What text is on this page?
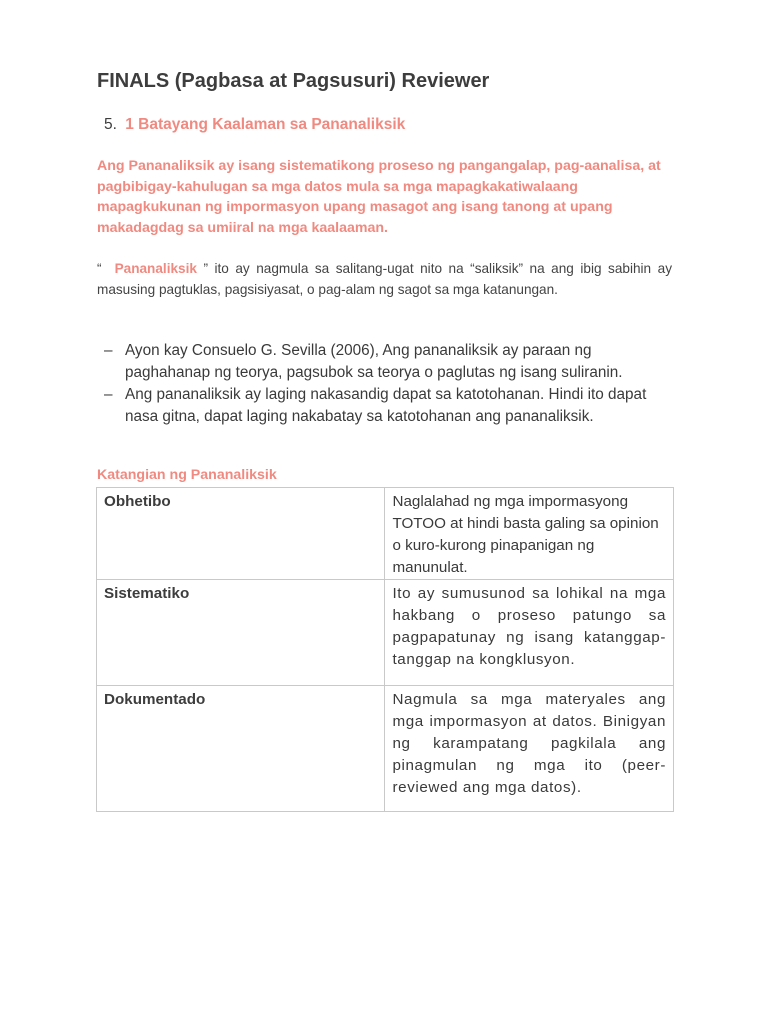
FINALS (Pagbasa at Pagsusuri) Reviewer
5. 1 Batayang Kaalaman sa Pananaliksik

Ang Pananaliksik ay isang sistematikong proseso ng pangangalap, pag-aanalisa, at pagbibigay-kahulugan sa mga datos mula sa mga mapagkakatiwalaang mapagkukunan ng impormasyon upang masagot ang isang tanong at upang makadagdag sa umiiral na mga kaalaaman.

“ Pananaliksik ” ito ay nagmula sa salitang-ugat nito na “saliksik” na ang ibig sabihin ay masusing pagtuklas, pagsisiyasat, o pag-alam ng sagot sa mga katanungan.

– Ayon kay Consuelo G. Sevilla (2006), Ang pananaliksik ay paraan ng paghahanap ng teorya, pagsubok sa teorya o paglutas ng isang suliranin.
– Ang pananaliksik ay laging nakasandig dapat sa katotohanan. Hindi ito dapat nasa gitna, dapat laging nakabatay sa katotohanan ang pananaliksik.

Katangian ng Pananaliksik

Obhetibo	Naglalahad ng mga impormasyong TOTOO at hindi basta galing sa opinion o kuro-kurong pinapanigan ng manunulat.
Sistematiko	Ito ay sumusunod sa lohikal na mga hakbang o proseso patungo sa pagpapatunay ng isang katanggap-tanggap na kongklusyon.
Dokumentado	Nagmula sa mga materyales ang mga impormasyon at datos. Binigyan ng karampatang pagkilala ang pinagmulan ng mga ito (peer-reviewed ang mga datos).
